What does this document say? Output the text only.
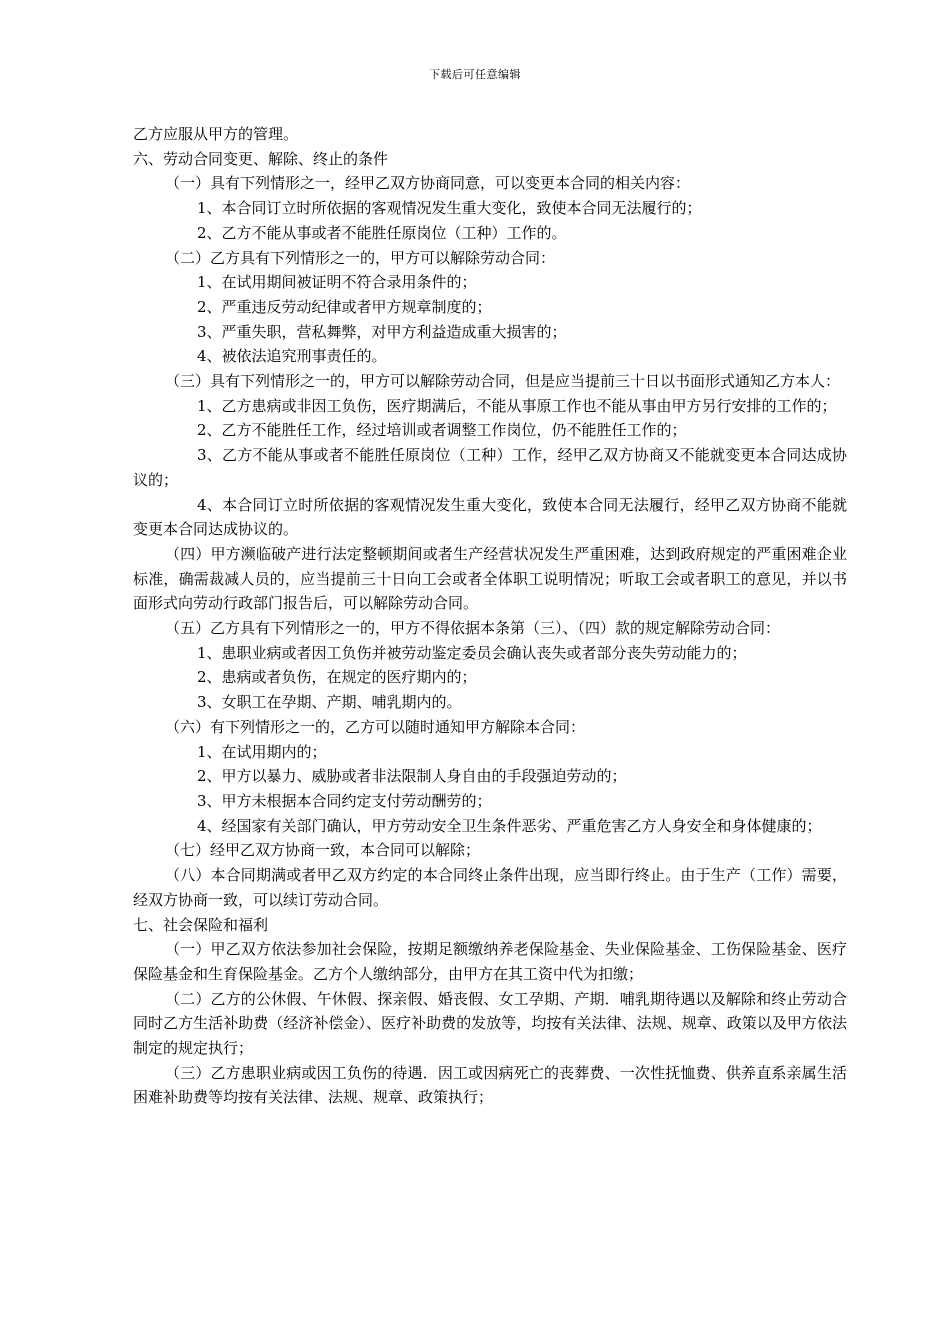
下载后可任意编辑

乙方应服从甲方的管理。

六、劳动合同变更、解除、终止的条件

（一）具有下列情形之一，经甲乙双方协商同意，可以变更本合同的相关内容：

1、本合同订立时所依据的客观情况发生重大变化，致使本合同无法履行的；

2、乙方不能从事或者不能胜任原岗位（工种）工作的。

（二）乙方具有下列情形之一的，甲方可以解除劳动合同：

1、在试用期间被证明不符合录用条件的；

2、严重违反劳动纪律或者甲方规章制度的；

3、严重失职，营私舞弊，对甲方利益造成重大损害的；

4、被依法追究刑事责任的。

（三）具有下列情形之一的，甲方可以解除劳动合同，但是应当提前三十日以书面形式通知乙方本人：

1、乙方患病或非因工负伤，医疗期满后，不能从事原工作也不能从事由甲方另行安排的工作的；

2、乙方不能胜任工作，经过培训或者调整工作岗位，仍不能胜任工作的；

3、乙方不能从事或者不能胜任原岗位（工种）工作，经甲乙双方协商又不能就变更本合同达成协议的；

4、本合同订立时所依据的客观情况发生重大变化，致使本合同无法履行，经甲乙双方协商不能就变更本合同达成协议的。

（四）甲方濒临破产进行法定整顿期间或者生产经营状况发生严重困难，达到政府规定的严重困难企业标准，确需裁减人员的，应当提前三十日向工会或者全体职工说明情况；听取工会或者职工的意见，并以书面形式向劳动行政部门报告后，可以解除劳动合同。

（五）乙方具有下列情形之一的，甲方不得依据本条第（三）、（四）款的规定解除劳动合同：

1、患职业病或者因工负伤并被劳动鉴定委员会确认丧失或者部分丧失劳动能力的；

2、患病或者负伤，在规定的医疗期内的；

3、女职工在孕期、产期、哺乳期内的。

（六）有下列情形之一的，乙方可以随时通知甲方解除本合同：

1、在试用期内的；

2、甲方以暴力、威胁或者非法限制人身自由的手段强迫劳动的；

3、甲方未根据本合同约定支付劳动酬劳的；

4、经国家有关部门确认，甲方劳动安全卫生条件恶劣、严重危害乙方人身安全和身体健康的；

（七）经甲乙双方协商一致，本合同可以解除；

（八）本合同期满或者甲乙双方约定的本合同终止条件出现，应当即行终止。由于生产（工作）需要，经双方协商一致，可以续订劳动合同。

七、社会保险和福利

（一）甲乙双方依法参加社会保险，按期足额缴纳养老保险基金、失业保险基金、工伤保险基金、医疗保险基金和生育保险基金。乙方个人缴纳部分，由甲方在其工资中代为扣缴；

（二）乙方的公休假、午休假、探亲假、婚丧假、女工孕期、产期．哺乳期待遇以及解除和终止劳动合同时乙方生活补助费（经济补偿金）、医疗补助费的发放等，均按有关法律、法规、规章、政策以及甲方依法制定的规定执行；

（三）乙方患职业病或因工负伤的待遇．因工或因病死亡的丧葬费、一次性抚恤费、供养直系亲属生活困难补助费等均按有关法律、法规、规章、政策执行；
